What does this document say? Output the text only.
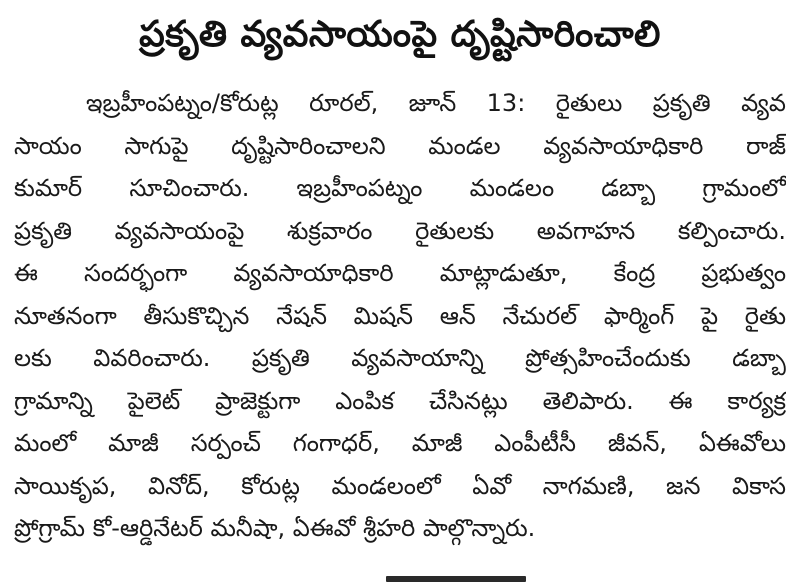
ప్రకృతి వ్యవసాయంపై దృష్టిసారించాలి
ఇబ్రహీంపట్నం/కోరుట్ల రూరల్, జూన్ 13: రైతులు ప్రకృతి వ్యవ
సాయం సాగుపై దృష్టిసారించాలని మండల వ్యవసాయాధికారి రాజ్
కుమార్ సూచించారు. ఇబ్రహీంపట్నం మండలం డబ్బా గ్రామంలో
ప్రకృతి వ్యవసాయంపై శుక్రవారం రైతులకు అవగాహన కల్పించారు.
ఈ సందర్భంగా వ్యవసాయాధికారి మాట్లాడుతూ, కేంద్ర ప్రభుత్వం
నూతనంగా తీసుకొచ్చిన నేషన్ మిషన్ ఆన్ నేచురల్ ఫార్మింగ్ పై రైతు
లకు వివరించారు. ప్రకృతి వ్యవసాయాన్ని ప్రోత్సహించేందుకు డబ్బా
గ్రామాన్ని పైలెట్ ప్రాజెక్టుగా ఎంపిక చేసినట్లు తెలిపారు. ఈ కార్యక్ర
మంలో మాజీ సర్పంచ్ గంగాధర్, మాజీ ఎంపీటీసీ జీవన్, ఏఈవోలు
సాయికృప, వినోద్, కోరుట్ల మండలంలో ఏవో నాగమణి, జన వికాస
ప్రోగ్రామ్ కో-ఆర్డినేటర్ మనీషా, ఏఈవో శ్రీహరి పాల్గొన్నారు.
